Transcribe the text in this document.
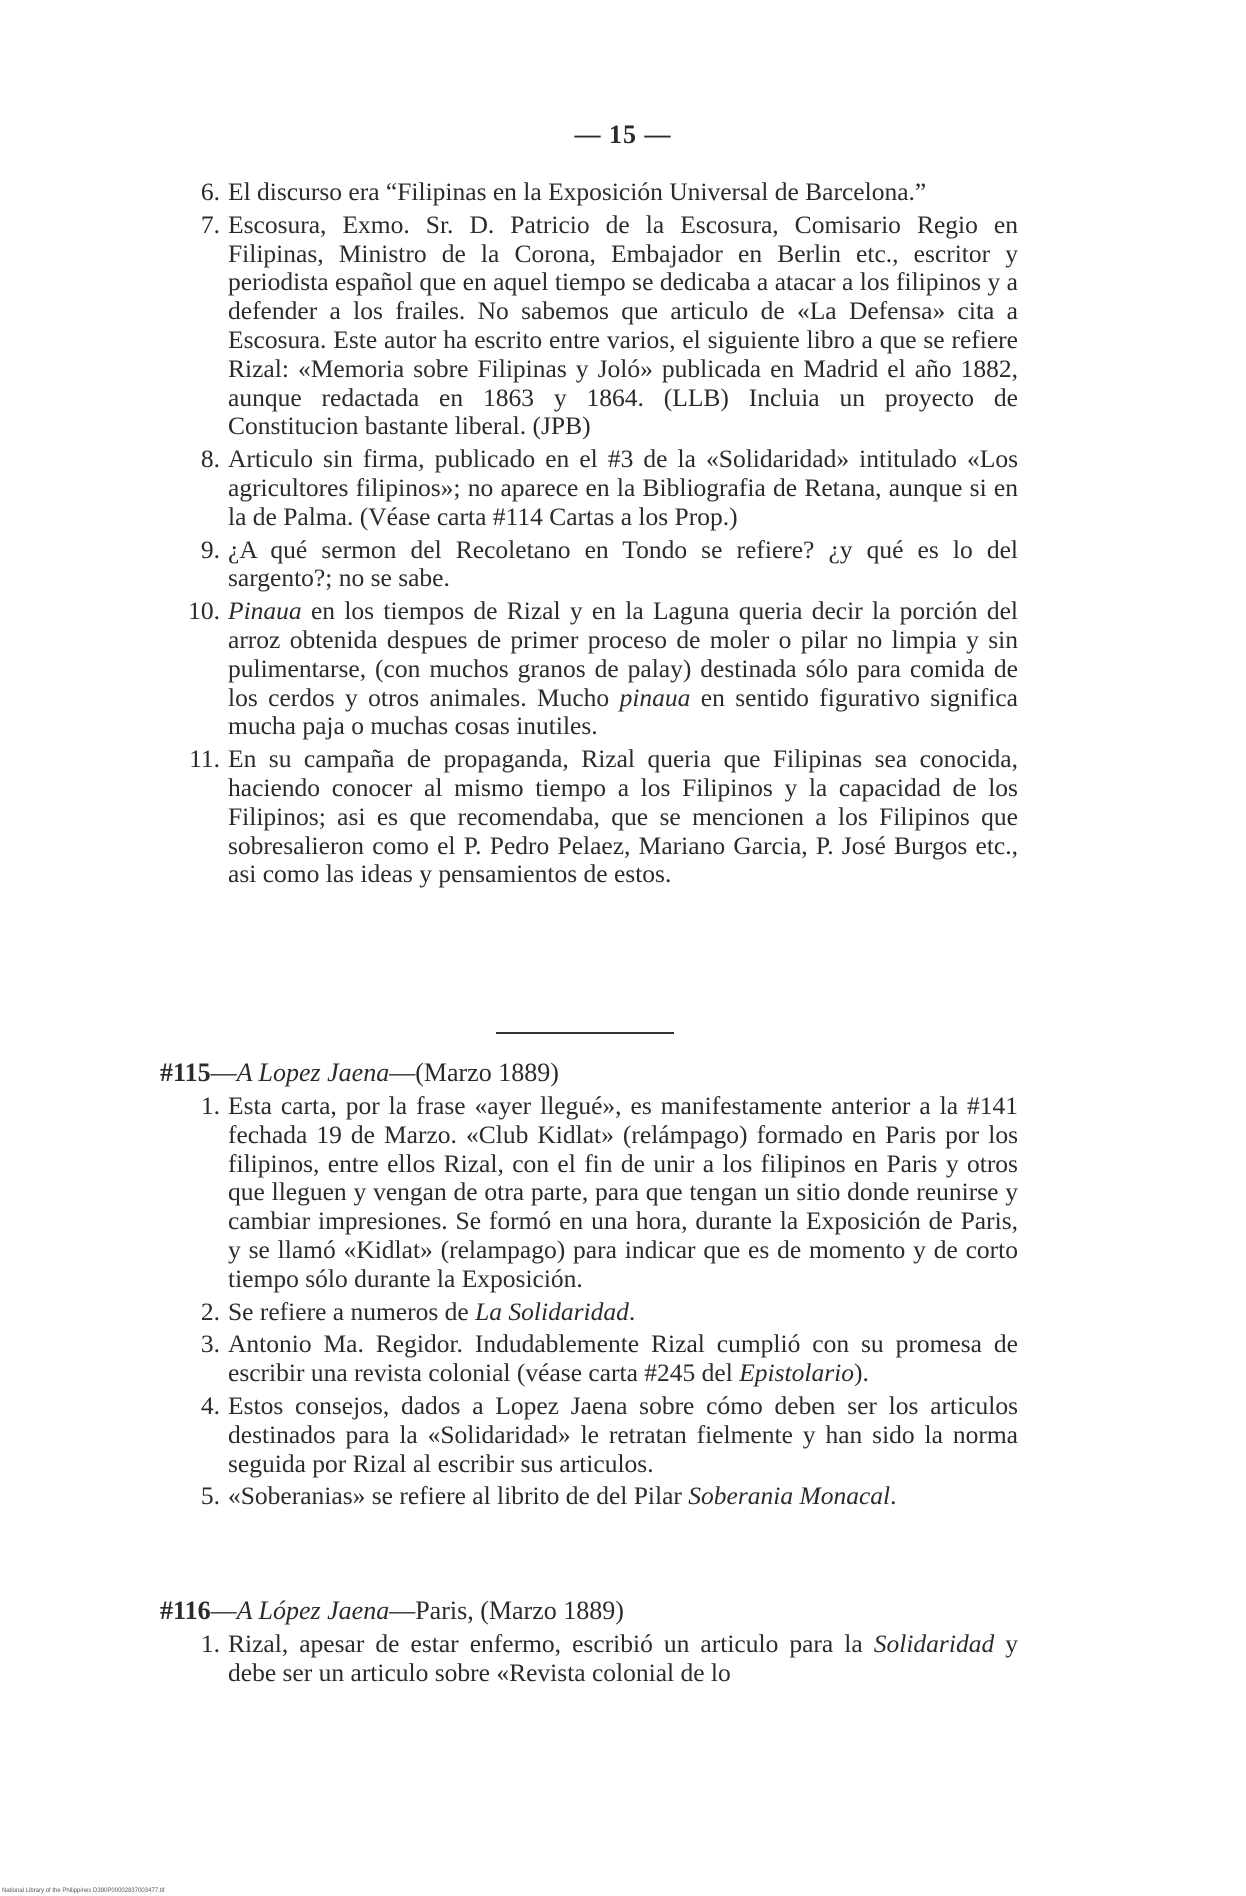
— 15 —

6. El discurso era “Filipinas en la Exposición Universal de Barcelona.”

7. Escosura, Exmo. Sr. D. Patricio de la Escosura, Comisario Regio en Filipinas, Ministro de la Corona, Embajador en Berlin etc., escritor y periodista español que en aquel tiempo se dedicaba a atacar a los filipinos y a defender a los frailes. No sabemos que articulo de «La Defensa» cita a Escosura. Este autor ha escrito entre varios, el siguiente libro a que se refiere Rizal: «Memoria sobre Filipinas y Joló» publicada en Madrid el año 1882, aunque redactada en 1863 y 1864. (LLB) Incluia un proyecto de Constitucion bastante liberal. (JPB)

8. Articulo sin firma, publicado en el #3 de la «Solidaridad» intitulado «Los agricultores filipinos»; no aparece en la Bibliografia de Retana, aunque si en la de Palma. (Véase carta #114 Cartas a los Prop.)

9. ¿A qué sermon del Recoletano en Tondo se refiere? ¿y qué es lo del sargento?; no se sabe.

10. Pinaua en los tiempos de Rizal y en la Laguna queria decir la porción del arroz obtenida despues de primer proceso de moler o pilar no limpia y sin pulimentarse, (con muchos granos de palay) destinada sólo para comida de los cerdos y otros animales. Mucho pinaua en sentido figurativo significa mucha paja o muchas cosas inutiles.

11. En su campaña de propaganda, Rizal queria que Filipinas sea conocida, haciendo conocer al mismo tiempo a los Filipinos y la capacidad de los Filipinos; asi es que recomendaba, que se mencionen a los Filipinos que sobresalieron como el P. Pedro Pelaez, Mariano Garcia, P. José Burgos etc., asi como las ideas y pensamientos de estos.

#115—A Lopez Jaena—(Marzo 1889)

1. Esta carta, por la frase «ayer llegué», es manifestamente anterior a la #141 fechada 19 de Marzo. «Club Kidlat» (relámpago) formado en Paris por los filipinos, entre ellos Rizal, con el fin de unir a los filipinos en Paris y otros que lleguen y vengan de otra parte, para que tengan un sitio donde reunirse y cambiar impresiones. Se formó en una hora, durante la Exposición de Paris, y se llamó «Kidlat» (relampago) para indicar que es de momento y de corto tiempo sólo durante la Exposición.

2. Se refiere a numeros de La Solidaridad.

3. Antonio Ma. Regidor. Indudablemente Rizal cumplió con su promesa de escribir una revista colonial (véase carta #245 del Epistolario).

4. Estos consejos, dados a Lopez Jaena sobre cómo deben ser los articulos destinados para la «Solidaridad» le retratan fielmente y han sido la norma seguida por Rizal al escribir sus articulos.

5. «Soberanias» se refiere al librito de del Pilar Soberania Monacal.

#116—A López Jaena—Paris, (Marzo 1889)

1. Rizal, apesar de estar enfermo, escribió un articulo para la Solidaridad y debe ser un articulo sobre «Revista colonial de lo

National Library of the Philippines D390P00002837003477.tif
